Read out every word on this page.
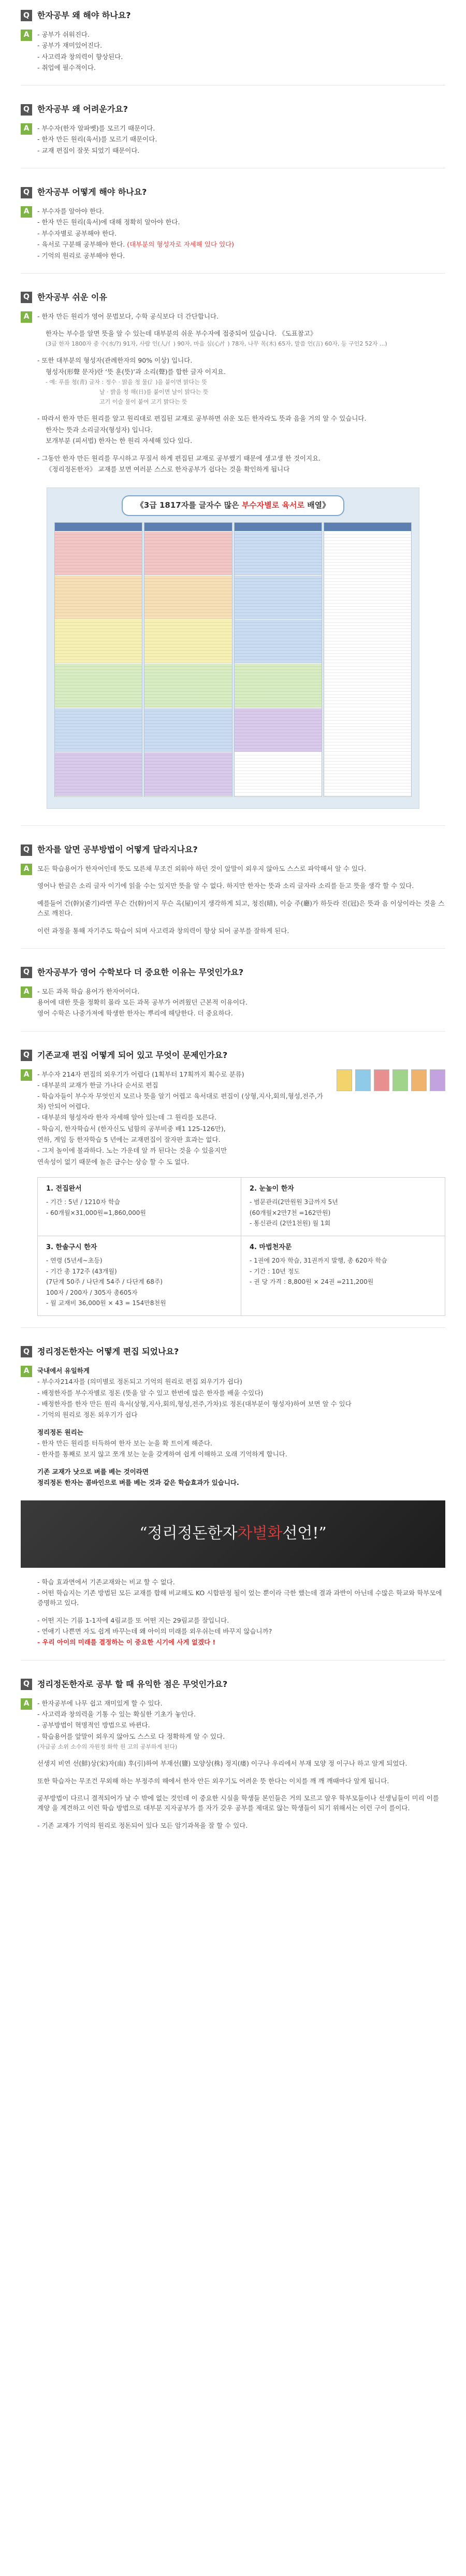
Q 한자공부 왜 해야 하나요?
A	- 공부가 쉬워진다.

- 공부가 재미있어진다.

- 사고력과 창의력이 향상된다.

- 취업에 필수적이다.

Q 한자공부 왜 어려운가요?
A	- 부수자(한자 알파벳)를 모르기 때문이다.

- 한자 만든 원리(육서)를 모르기 때문이다.

- 교재 편집이 잘못 되었기 때문이다.

Q 한자공부 어떻게 해야 하나요?
A	- 부수자를 알아야 한다.

- 한자 만든 원리(육서)에 대해 정확히 알아야 한다.

- 부수자별로 공부해야 한다.

- 육서로 구분해 공부해야 한다. (대부분의 형성자로 자세해 있다 있다)

- 기억의 원리로 공부해야 한다.

Q 한자공부 쉬운 이유
A	- 한자 만든 원리가 영어 문법보다, 수학 공식보다 더 간단합니다.

한자는 부수를 알면 뜻을 알 수 있는데 대부분의 쉬운 부수자에 접중되어 있습니다. 《도표참고》

(3급 한자 1800자 중 수(水/?) 91자, 사람 인(人/亻) 90자, 마음 심(心/忄) 78자, 나무 목(木) 65자, 말씀 언(言) 60자, 등 구인2 52자 ...)

- 또한 대부분의 형성자(관례한자의 90% 이상) 입니다.

형성자(形聲 문자)란 ‘뜻 훈(뜻)’과 소리(聲)를 합한 글자 이지요.

- 예: 푸를 청(靑) 글자 : 정수 · 맑을 청 물(氵)을 붙이면 맑다는 뜻

날 · 밝을 청 해(日)를 붙이면 날이 맑다는 뜻

고기 이슬 물이 붙여 고기 맑다는 뜻

- 따라서 한자 만든 원리를 알고 원리대로 편집된 교재로 공부하면 쉬운 모든 한자라도 뜻과 음을 거의 알 수 있습니다.

한자는 뜻과 소리글자(형성자) 입니다.

보개부분 (피서법) 한자는 한 원리 자세해 있다 있다.

- 그동안 한자 만든 원리를 무시하고 무질서 하게 편집된 교재로 공부했기 때문에 생고생 한 것이지요.

《정리정돈한자》 교재를 보면 여러분 스스로 한자공부가 쉽다는 것을 확인하게 됩니다

《3급 1817자를 글자수 많은 부수자별로 육서로 배열》
Q 한자를 알면 공부방법이 어떻게 달라지나요?
A	모든 학습용어가 한자어인데 뜻도 모른채 무조건 외워야 하던 것이 앞말이 외우지 않아도 스스로 파악해서 알 수 있다.

영어나 한글은 소리 글자 이기에 읽을 수는 있지만 뜻을 알 수 없다. 하지만 한자는 뜻과 소리 글자라 소리를 듣고 뜻을 생각 할 수 있다.

예를들어 간(幹)(줄기)라면 무슨 간(幹)이지 무슨 옥(屋)이지 생각하게 되고, 청진(晴), 이승 주(廳)가 하듯라 진(冠)은 뜻과 음 이상이라는 것을 스스로 깨친다.

이런 과정을 통해 자기주도 학습이 되며 사고력과 창의력이 향상 되어 공부를 잘하게 된다.

Q 한자공부가 영어 수학보다 더 중요한 이유는 무엇인가요?
A	- 모든 과목 학습 용어가 한자어이다.

용어에 대한 뜻을 정확히 몰라 모든 과목 공부가 어려웠던 근본적 이유이다.

영어 수학은 나중가져에 학생한 한자는 뿌리에 해당한다. 더 중요하다.

Q 기존교재 편집 어떻게 되어 있고 무엇이 문제인가요?
A	- 부수자 214자 편집의 외우기가 어렵다 (1획부터 17획까지 획수로 분류)

- 대부분의 교재가 한글 가나다 순서로 편집

- 학습자들이 부수자 무엇인지 모르나 뜻을 알기 어렵고 육서대로 편집이 (상형,지사,회의,형성,전주,가차) 안되어 어렵다.

- 대부분의 형성자라 한자 자세해 알아 있는데 그 원리를 모른다.

- 학습지, 한자학습서 (한자신도 넘함의 공부비중 배1 125-126만),

연하, 게임 등 한자학습 5 년에는 교재편집이 잘자판 효과는 없다.

- 그저 놀이에 불과하다. 노는 가운데 알 까 된다는 것을 수 있을지만

연속성이 없기 때문에 놀은 급수는 상승 할 수 도 없다.

1. 전집완서

- 기간 : 5년 / 1210자 학습

- 60개월×31,000원=1,860,000원

2. 눈높이 한자

- 범문관리(2만원원 3급까지 5년

(60개월×2만7천 =162만원)

- 통신관리 (2만1천원) 월 1회

3. 한솔구시 한자

- 연령 (5년세~초등)

- 기간 총 172주 (43개월)

(7단계 50주 / 나단계 54주 / 다단계 68주)

100자 / 200자 / 305자 총605자

- 월 교재비 36,000원 × 43 = 154만8천원

4. 마법천자문

- 1권에 20자 학습, 31권까지 발행, 총 620자 학습

- 기간 : 10년 정도

- 권 당 가격 : 8,800원 × 24권 =211,200원

Q 정리정돈한자는 어떻게 편집 되었나요?
A	국내에서 유일하게

- 부수자214자를 (의미별로 정돈되고 기억의 원리로 편집 외우기가 쉽다)

- 배정한자를 부수자별로 정돈 (뜻을 알 수 있고 한번에 많은 한자를 배울 수있다)

- 배정한자를 한자 만든 원리 육서(상형,지사,회의,형성,전주,가차)로 정돈(대부분이 형성자)하여 보면 알 수 있다

- 기억의 원리로 정돈 외우기가 쉽다

정리정돈 원리는

- 한자 만든 원리를 터득하여 한자 보는 눈을 확 트이게 해준다.

- 한자를 통째로 보지 않고 쪼개 보는 눈을 갖게하여 쉽게 이해하고 오래 기억하게 합니다.

기존 교재가 낫으로 벼를 베는 것이라면

정리정돈 한자는 콤바인으로 벼를 베는 것과 같은 학습효과가 있습니다.

“정리정돈한자 차별화 선언!”

- 학습 효과면에서 기존교재와는 비교 할 수 없다.

- 어떤 학습지는 기존 방법된 모든 교재를 합해 비교해도 KO 시합판정 될이 었는 뿐이라 극한 했는데 결과 과반이 아닌데 수많은 학교와 학부모에 증명하고 있다.

- 어떤 지는 기름 1-1자에 4림교를 또 어떤 지는 29림교를 잘입니다.

- 연애기 나쁜면 자도 쉽게 바꾸는데 왜 아이의 미래를 외우쉬는데 바꾸지 않습니까?

- 우리 아이의 미래를 결정하는 이 중요한 시기에 사게 없겠다 !

Q 정리정돈한자로 공부 할 때 유익한 점은 무엇인가요?
A	- 한자공부에 나무 쉽고 재미있게 할 수 있다.

- 사고력과 창의력을 기통 수 있는 확실한 기초가 놓인다.

- 공부방법이 혁명적인 방법으로 바뀐다.

- 학습용어를 앞말이 외우지 않아도 스스로 다 정확하게 알 수 있다.

(자급공 소위 소수의 자원정 화학 원 고의 공부하게 된다)

선생지 비연 선(鮮)상(宋)자(南) 후(引)하여 부재선(鹽) 모양상(株) 정지(瘘) 이구나 우리에서 부재 모양 정 이구나 하고 알게 되었다.

또한 학습자는 무조건 무외해 하는 부정주의 해에서 한자 안든 외우기도 어려운 뜻 한다는 이치를 깨 깨 깨때마다 알게 됩니다.

공부방법이 다르니 결적되어가 날 수 밖에 없는 것인데 이 중요한 시실을 학생들 본인들은 거의 모르고 알우 학부모들이나 선생님들이 미리 이를 계양 을 계견하고 이런 학습 방법으로 대부분 지자공부가 를 자가 갖우 공부를 제대로 않는 학생들이 되기 위해서는 이런 구이 를이다.

- 기존 교재가 기억의 원리로 정돈되어 있다 모든 암기과목을 잘 할 수 있다.
